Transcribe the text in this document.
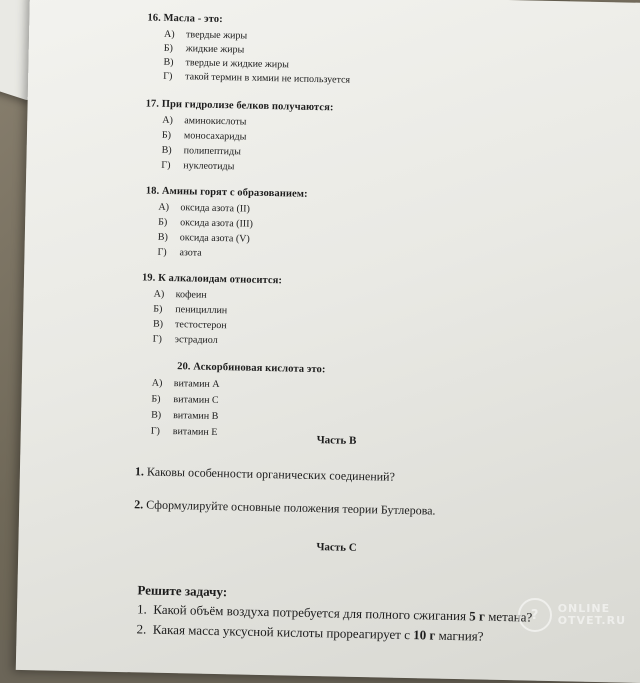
16. Масла - это:
А) твердые жиры
Б) жидкие жиры
В) твердые и жидкие жиры
Г) такой термин в химии не используется
17. При гидролизе белков получаются:
А) аминокислоты
Б) моносахариды
В) полипептиды
Г) нуклеотиды
18. Амины горят с образованием:
А) оксида азота (II)
Б) оксида азота (III)
В) оксида азота (V)
Г) азота
19. К алкалоидам относится:
А) кофеин
Б) пенициллин
В) тестостерон
Г) эстрадиол
20. Аскорбиновая кислота это:
А) витамин А
Б) витамин С
В) витамин В
Г) витамин Е
Часть В
1. Каковы особенности органических соединений?
2. Сформулируйте основные положения теории Бутлерова.
Часть С
Решите задачу:
1. Какой объём воздуха потребуется для полного сжигания 5 г метана?
2. Какая масса уксусной кислоты прореагирует с 10 г магния?
?	ONLINE
OTVET.RU
